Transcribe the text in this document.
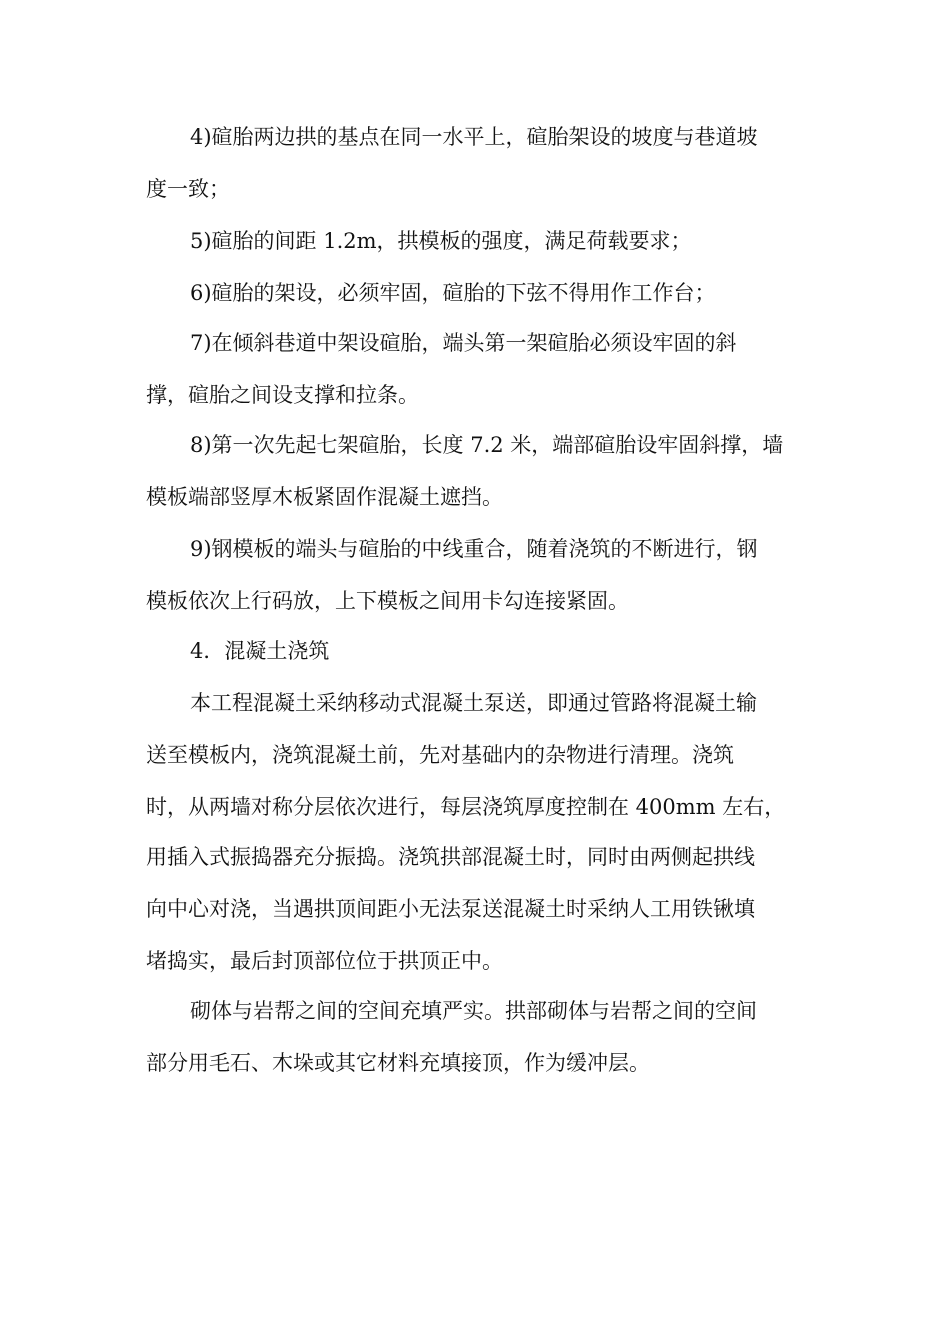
4)碹胎两边拱的基点在同一水平上，碹胎架设的坡度与巷道坡
度一致；
5)碹胎的间距 1.2m，拱模板的强度，满足荷载要求；
6)碹胎的架设，必须牢固，碹胎的下弦不得用作工作台；
7)在倾斜巷道中架设碹胎，端头第一架碹胎必须设牢固的斜
撑，碹胎之间设支撑和拉条。
8)第一次先起七架碹胎，长度 7.2 米，端部碹胎设牢固斜撑，墙
模板端部竖厚木板紧固作混凝土遮挡。
9)钢模板的端头与碹胎的中线重合，随着浇筑的不断进行，钢
模板依次上行码放，上下模板之间用卡勾连接紧固。
4．混凝土浇筑
本工程混凝土采纳移动式混凝土泵送，即通过管路将混凝土输
送至模板内，浇筑混凝土前，先对基础内的杂物进行清理。浇筑
时，从两墙对称分层依次进行，每层浇筑厚度控制在 400mm 左右，
用插入式振捣器充分振捣。浇筑拱部混凝土时，同时由两侧起拱线
向中心对浇，当遇拱顶间距小无法泵送混凝土时采纳人工用铁锹填
堵捣实，最后封顶部位位于拱顶正中。
砌体与岩帮之间的空间充填严实。拱部砌体与岩帮之间的空间
部分用毛石、木垛或其它材料充填接顶，作为缓冲层。
